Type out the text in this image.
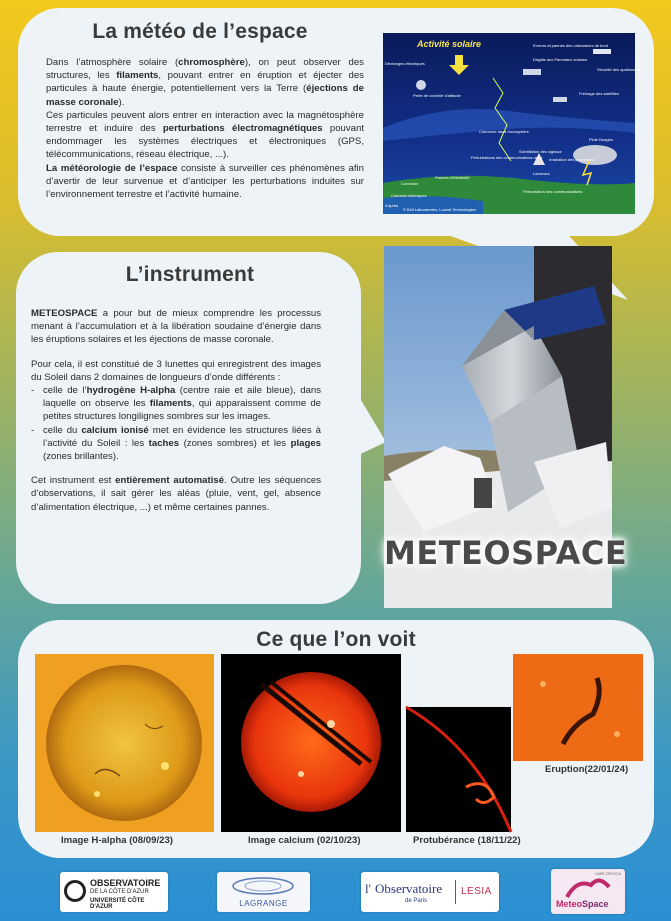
La météo de l’espace

Dans l’atmosphère solaire (chromosphère), on peut observer des structures, les filaments, pouvant entrer en éruption et éjecter des particules à haute énergie, potentiellement vers la Terre (éjections de masse coronale).

Ces particules peuvent alors entrer en interaction avec la magnétosphère terrestre et induire des perturbations électromagnétiques pouvant endommager les systèmes électriques et électroniques (GPS, télécommunications, réseau électrique, ...).

La météorologie de l’espace consiste à surveiller ces phénomènes afin d’avertir de leur survenue et d’anticiper les perturbations induites sur l’environnement terrestre et l’activité humaine.

Activité solaire	Erreurs et pannes des ordinateurs de bord
Dégâts aux Panneaux solaires
Sécurité des spationautes
Décharges électriques
Perte de contrôle d'attitude	Freinage des satellites
Couronne dans l'ionosphère
Pluie Nuages
Perturbations des communications radio
Scintillation des signaux
Irradiation des passagers
Pannes d'électricité
Lanceurs
Corrosion
Courants telluriques
Perturbation des communications
d'après
© Bell Laboratories, Lucent Technologies
L’instrument

METEOSPACE a pour but de mieux comprendre les processus menant à l’accumulation et à la libération soudaine d’énergie dans les éruptions solaires et les éjections de masse coronale.

Pour cela, il est constitué de 3 lunettes qui enregistrent des images du Soleil dans 2 domaines de longueurs d’onde différents :

- celle de l’hydrogène H-alpha (centre raie et aile bleue), dans laquelle on observe les filaments, qui apparaissent comme de petites structures longilignes sombres sur les images.
- celle du calcium ionisé met en évidence les structures liées à l’activité du Soleil : les taches (zones sombres) et les plages (zones brillantes).

Cet instrument est entièrement automatisé. Outre les séquences d’observations, il sait gérer les aléas (pluie, vent, gel, absence d’alimentation électrique, ...) et même certaines pannes.

METEOSPACE
Ce que l’on voit
Image H-alpha (08/09/23)	Image calcium (02/10/23)	Protubérance (18/11/22)
Eruption(22/01/24)
OBSERVATOIRE
DE LA CÔTE D'AZUR
UNIVERSITÉ CÔTE D'AZUR	LAGRANGE
l' Observatoire
de Paris
LESIA
UMR OP/OCA
MeteoSpace
